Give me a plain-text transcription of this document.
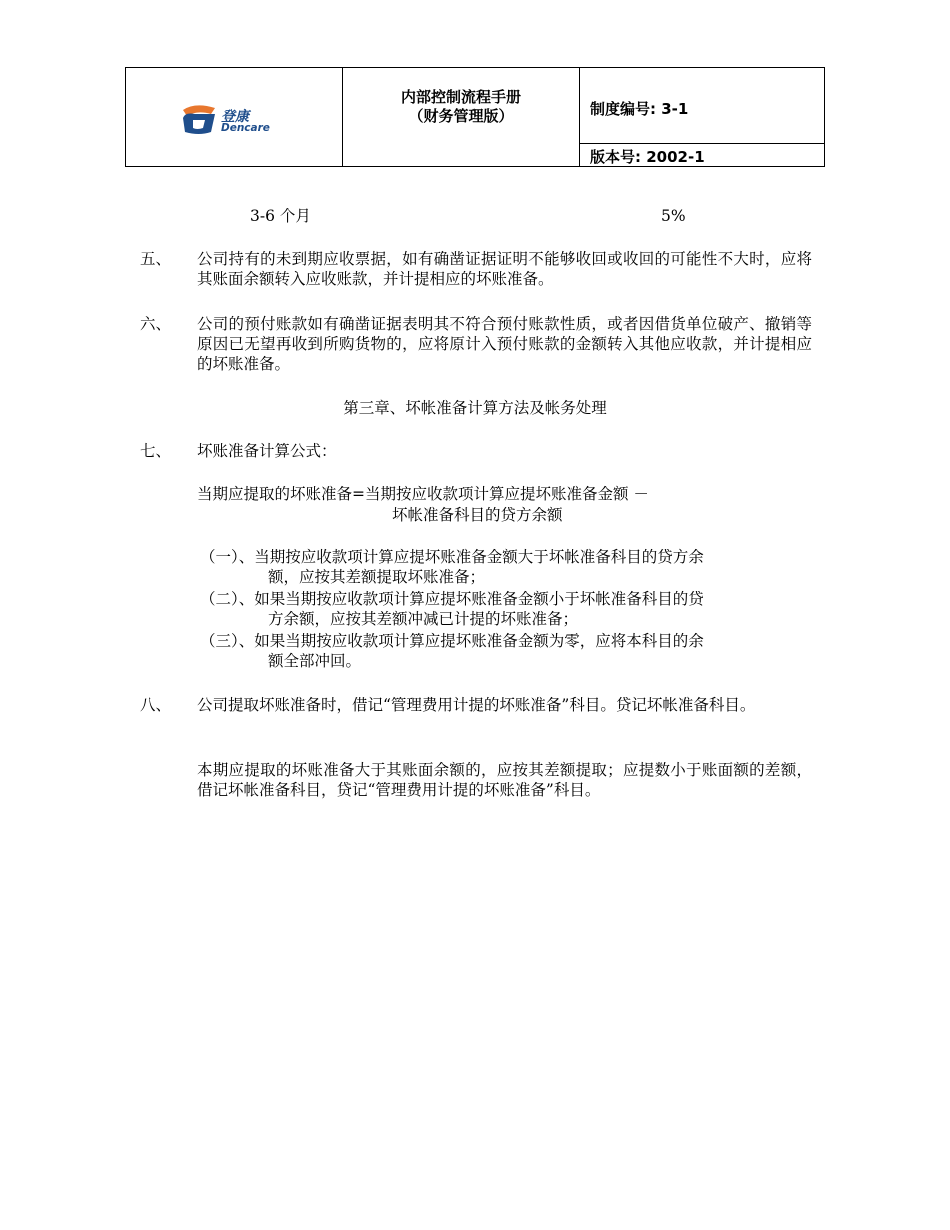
登康
Dencare
内部控制流程手册
（财务管理版）	制度编号: 3-1
版本号: 2002-1
3-6 个月	5%
五、 公司持有的未到期应收票据，如有确凿证据证明不能够收回或收回的可能性不大时，应将其账面余额转入应收账款，并计提相应的坏账准备。
六、 公司的预付账款如有确凿证据表明其不符合预付账款性质，或者因借货单位破产、撤销等原因已无望再收到所购货物的，应将原计入预付账款的金额转入其他应收款，并计提相应的坏账准备。
第三章、坏帐准备计算方法及帐务处理
七、 坏账准备计算公式：
当期应提取的坏账准备=当期按应收款项计算应提坏账准备金额 －
坏帐准备科目的贷方余额
（一）、当期按应收款项计算应提坏账准备金额大于坏帐准备科目的贷方余
额，应按其差额提取坏账准备；
（二）、如果当期按应收款项计算应提坏账准备金额小于坏帐准备科目的贷
方余额，应按其差额冲减已计提的坏账准备；
（三）、如果当期按应收款项计算应提坏账准备金额为零，应将本科目的余
额全部冲回。
八、 公司提取坏账准备时，借记“管理费用计提的坏账准备”科目。贷记坏帐准备科目。
本期应提取的坏账准备大于其账面余额的，应按其差额提取；应提数小于账面额的差额，借记坏帐准备科目，贷记“管理费用计提的坏账准备”科目。
